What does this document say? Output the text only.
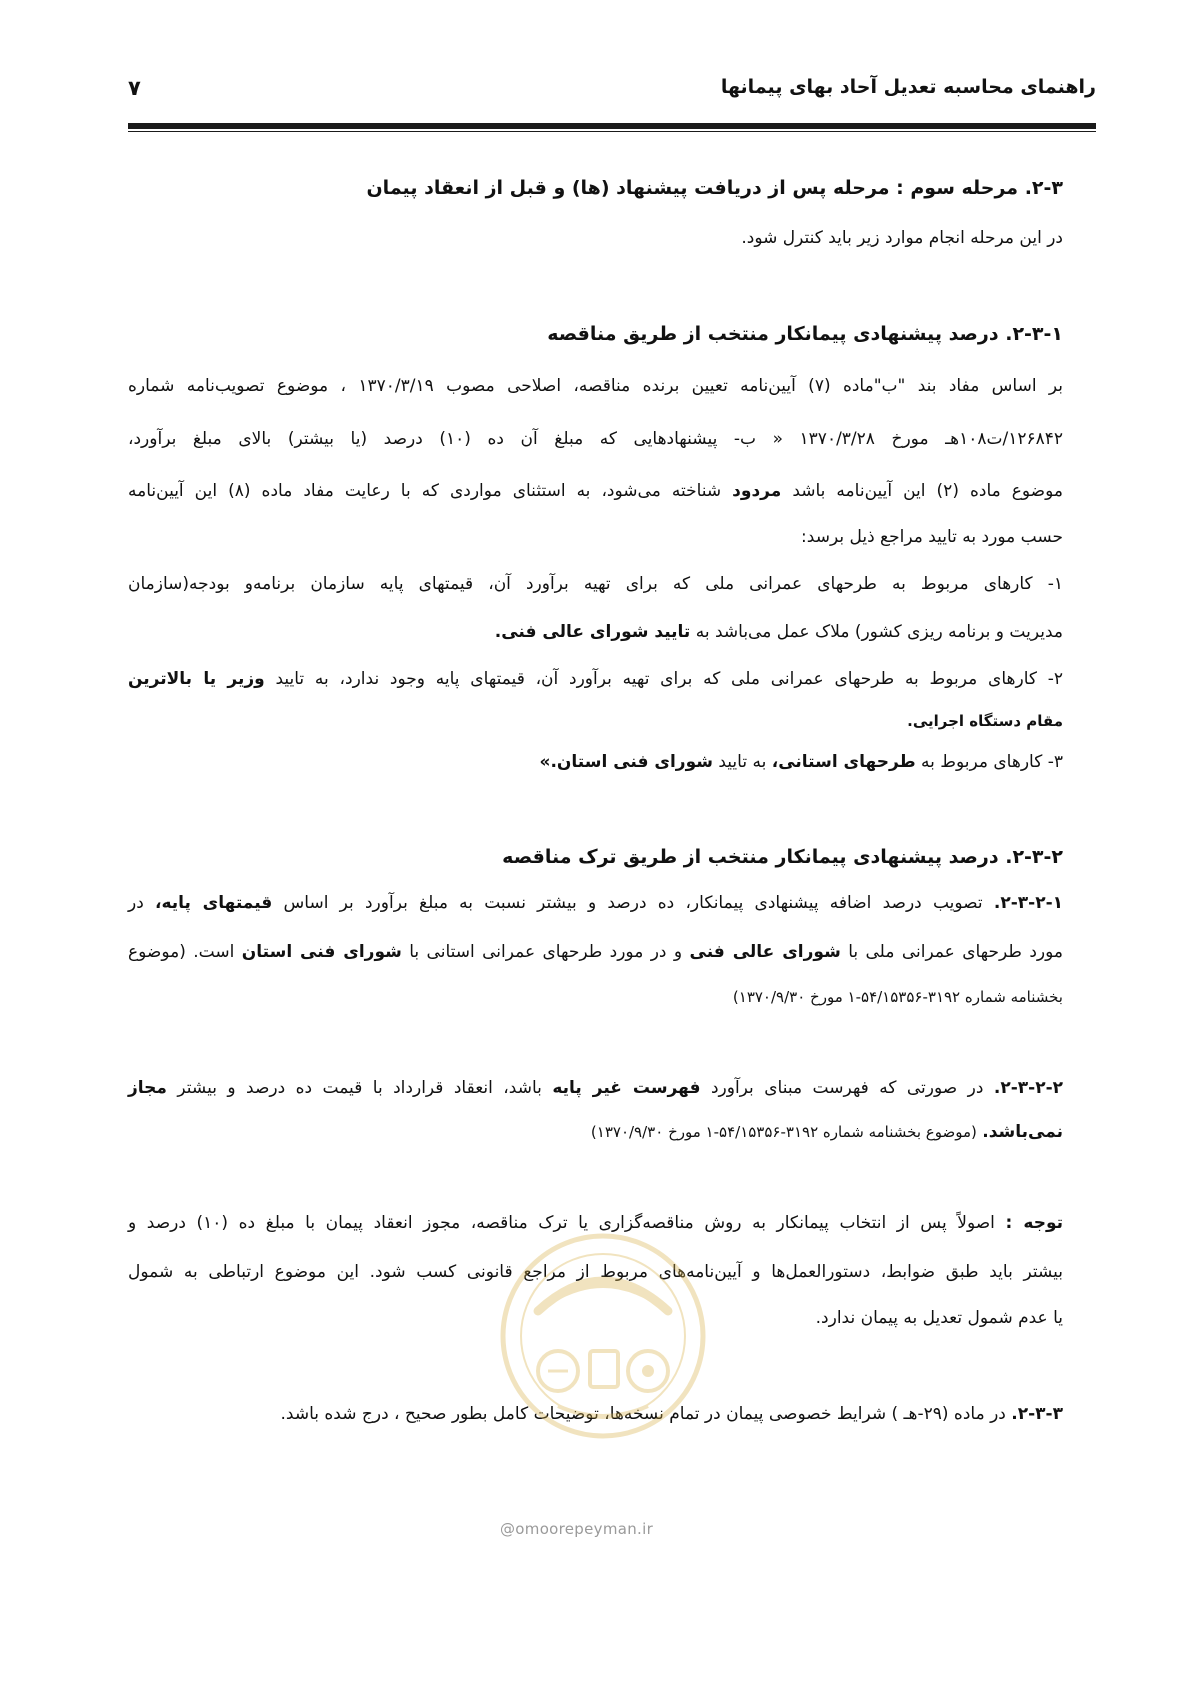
راهنمای محاسبه تعدیل آحاد بهای پیمانها
۷
۲-۳. مرحله سوم : مرحله پس از دریافت پیشنهاد (ها) و قبل از انعقاد پیمان
در این مرحله انجام موارد زیر باید کنترل شود.
۲-۳-۱. درصد پیشنهادی پیمانکار منتخب از طریق مناقصه
بر اساس مفاد بند "ب"ماده (۷) آیین‌نامه تعیین برنده مناقصه، اصلاحی مصوب ۱۳۷۰/۳/۱۹ ، موضوع تصویب‌نامه شماره
۱۲۶۸۴۲/ت۱۰۸هـ مورخ ۱۳۷۰/۳/۲۸ « ب- پیشنهادهایی که مبلغ آن ده (۱۰) درصد (یا بیشتر) بالای مبلغ برآورد،
موضوع ماده (۲) این آیین‌نامه باشد مردود شناخته می‌شود، به استثنای مواردی که با رعایت مفاد ماده (۸) این آیین‌نامه
حسب مورد به تایید مراجع ذیل برسد:
۱- کارهای مربوط به طرحهای عمرانی ملی که برای تهیه برآورد آن، قیمتهای پایه سازمان برنامه‌و بودجه(سازمان
مدیریت و برنامه ریزی کشور) ملاک عمل می‌باشد به تایید شورای عالی فنی.
۲- کارهای مربوط به طرحهای عمرانی ملی که برای تهیه برآورد آن، قیمتهای پایه وجود ندارد، به تایید وزیر یا بالاترین
مقام دستگاه اجرایی.
۳- کارهای مربوط به طرحهای استانی، به تایید شورای فنی استان.»
۲-۳-۲. درصد پیشنهادی پیمانکار منتخب از طریق ترک مناقصه
۲-۳-۲-۱. تصویب درصد اضافه پیشنهادی پیمانکار، ده درصد و بیشتر نسبت به مبلغ برآورد بر اساس قیمتهای پایه، در
مورد طرحهای عمرانی ملی با شورای عالی فنی و در مورد طرحهای عمرانی استانی با شورای فنی استان است. (موضوع
بخشنامه شماره ۳۱۹۲-۵۴/۱۵۳۵۶-۱ مورخ ۱۳۷۰/۹/۳۰)
۲-۳-۲-۲. در صورتی که فهرست مبنای برآورد فهرست غیر پایه باشد، انعقاد قرارداد با قیمت ده درصد و بیشتر مجاز
نمی‌باشد. (موضوع بخشنامه شماره ۳۱۹۲-۵۴/۱۵۳۵۶-۱ مورخ ۱۳۷۰/۹/۳۰)
توجه : اصولاً پس از انتخاب پیمانکار به روش مناقصه‌گزاری یا ترک مناقصه، مجوز انعقاد پیمان با مبلغ ده (۱۰) درصد و
بیشتر باید طبق ضوابط، دستورالعمل‌ها و آیین‌نامه‌های مربوط از مراجع قانونی کسب شود. این موضوع ارتباطی به شمول
یا عدم شمول تعدیل به پیمان ندارد.
۲-۳-۳. در ماده (۲۹-هـ ) شرایط خصوصی پیمان در تمام نسخه‌ها، توضیحات کامل بطور صحیح ، درج شده باشد.
@omoorepeyman.ir
